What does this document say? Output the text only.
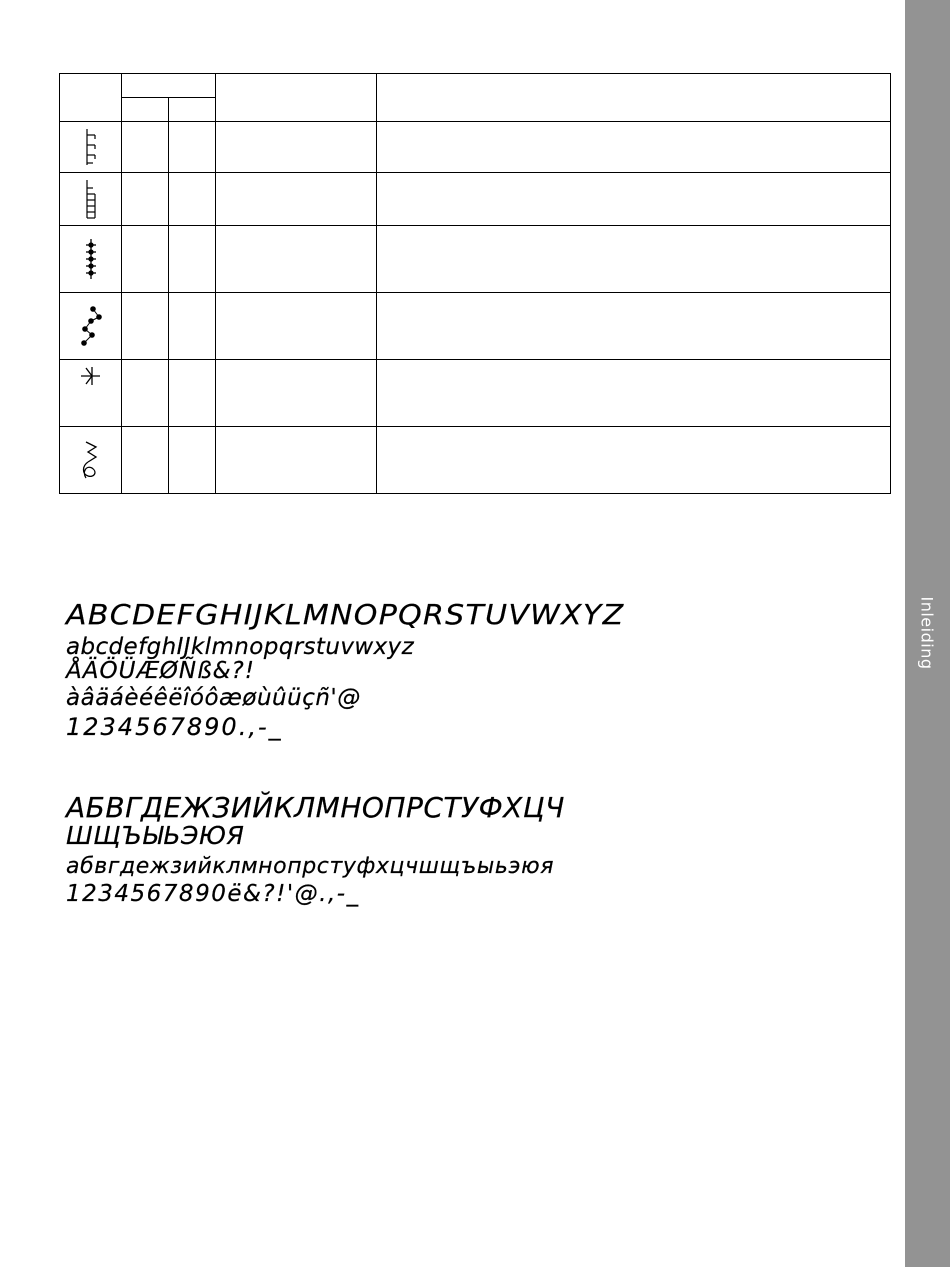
Inleiding

ABCDEFGHIJKLMNOPQRSTUVWXYZ
abcdefghIJklmnopqrstuvwxyz
ÅÄÖÜÆØÑß&?!
àâäáèéêëîóôæøùûüçñ'@
1234567890.,-_
АБВГДЕЖЗИЙКЛМНОПРСТУФХЦЧ
ШЩЪЫЬЭЮЯ
абвгдежзийклмнопрстуфхцчшщъыьэюя
1234567890ё&?!'@.,-_
